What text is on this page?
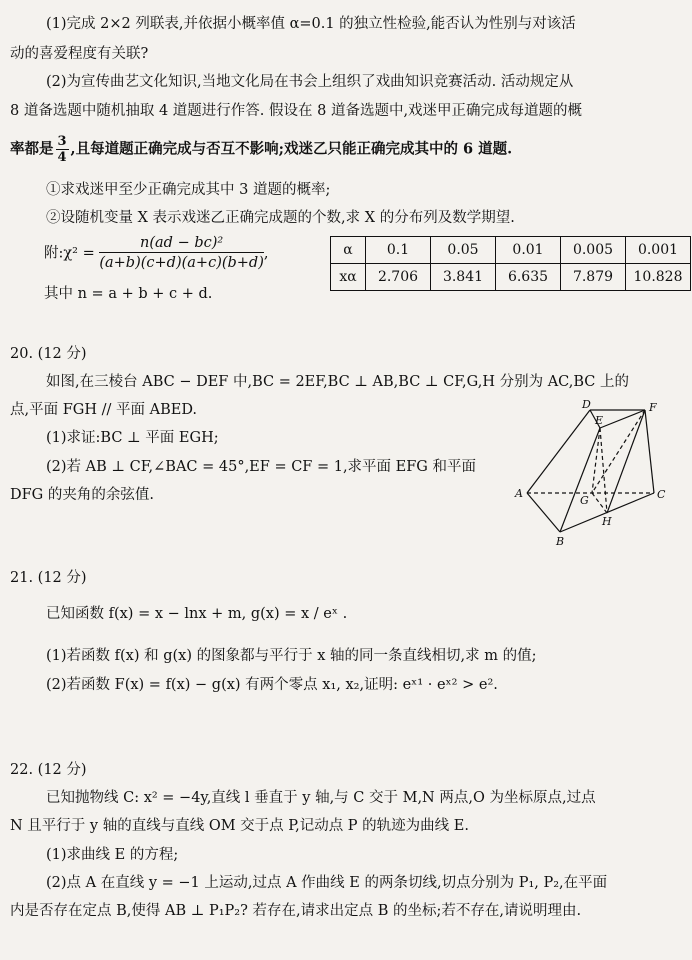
(1)完成 2×2 列联表,并依据小概率值 α=0.1 的独立性检验,能否认为性别与对该活
动的喜爱程度有关联?
(2)为宣传曲艺文化知识,当地文化局在书会上组织了戏曲知识竞赛活动. 活动规定从
8 道备选题中随机抽取 4 道题进行作答. 假设在 8 道备选题中,戏迷甲正确完成每道题的概
率都是 $\frac{3}{4}$ ,且每道题正确完成与否互不影响;戏迷乙只能正确完成其中的 6 道题.
①求戏迷甲至少正确完成其中 3 道题的概率;
②设随机变量 X 表示戏迷乙正确完成题的个数,求 X 的分布列及数学期望.
附:χ² = $\frac{\text{n(ad − bc)²}}{(a+b)(c+d)(a+c)(b+d)}$ ,
其中 n = a + b + c + d.
α	0.1	0.05	0.01	0.005	0.001
xα	2.706	3.841	6.635	7.879	10.828
20. (12 分)
如图,在三棱台 ABC − DEF 中,BC = 2EF,BC ⊥ AB,BC ⊥ CF,G,H 分别为 AC,BC 上的
点,平面 FGH // 平面 ABED.
(1)求证:BC ⊥ 平面 EGH;
(2)若 AB ⊥ CF,∠BAC = 45°,EF = CF = 1,求平面 EFG 和平面
DFG 的夹角的余弦值.
D
E
F
A
B
C
G
H
21. (12 分)
已知函数 f(x) = x − lnx + m, g(x) = x / eˣ .
(1)若函数 f(x) 和 g(x) 的图象都与平行于 x 轴的同一条直线相切,求 m 的值;
(2)若函数 F(x) = f(x) − g(x) 有两个零点 x₁, x₂,证明: eˣ¹ · eˣ² > e².
22. (12 分)
已知抛物线 C: x² = −4y,直线 l 垂直于 y 轴,与 C 交于 M,N 两点,O 为坐标原点,过点
N 且平行于 y 轴的直线与直线 OM 交于点 P,记动点 P 的轨迹为曲线 E.
(1)求曲线 E 的方程;
(2)点 A 在直线 y = −1 上运动,过点 A 作曲线 E 的两条切线,切点分别为 P₁, P₂,在平面
内是否存在定点 B,使得 AB ⊥ P₁P₂? 若存在,请求出定点 B 的坐标;若不存在,请说明理由.
